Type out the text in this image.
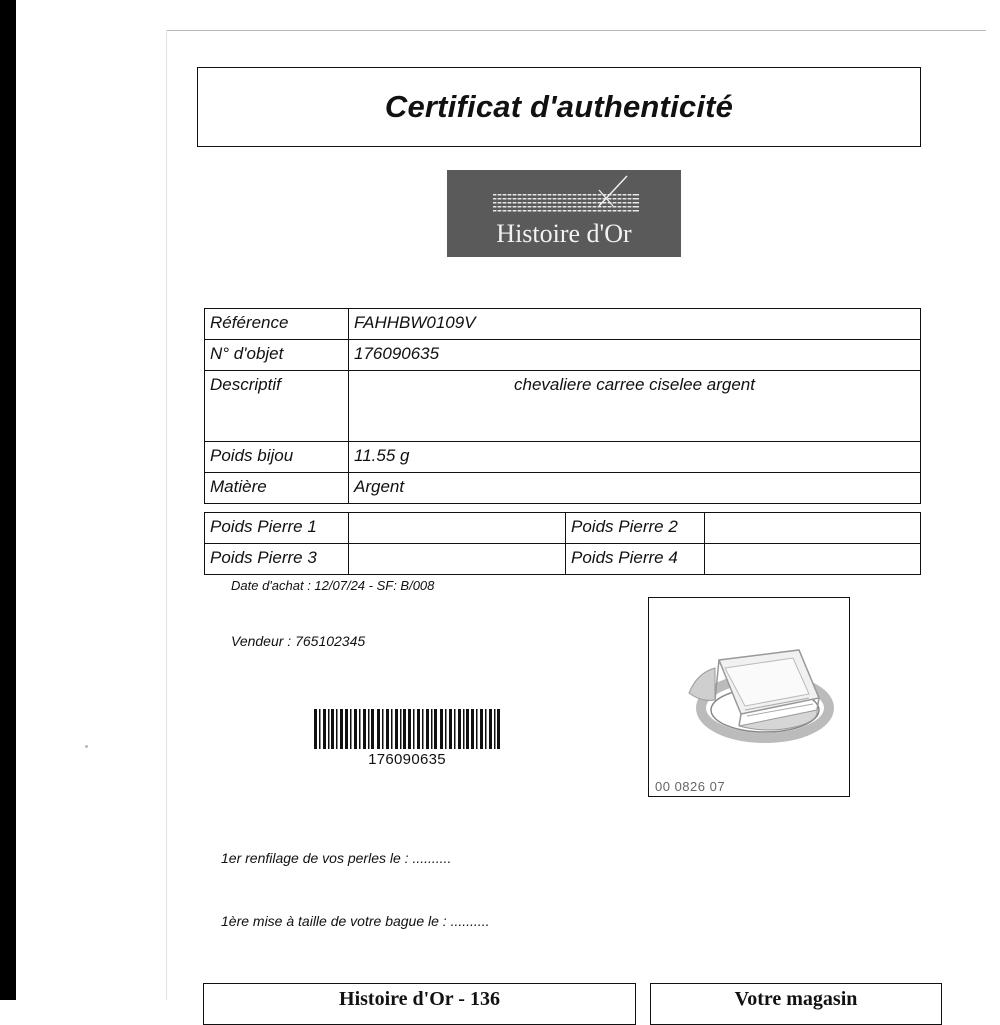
Certificat d'authenticité
Histoire d'Or
Référence	FAHHBW0109V
N° d'objet	176090635
Descriptif	chevaliere carree ciselee argent
Poids bijou	11.55 g
Matière	Argent
Poids Pierre 1		Poids Pierre 2	
Poids Pierre 3		Poids Pierre 4	
Date d'achat : 12/07/24 - SF: B/008
Vendeur : 765102345
176090635
00 0826 07
1er renfilage de vos perles le : ..........
1ère mise à taille de votre bague le : ..........
Histoire d'Or - 136	Votre magasin
